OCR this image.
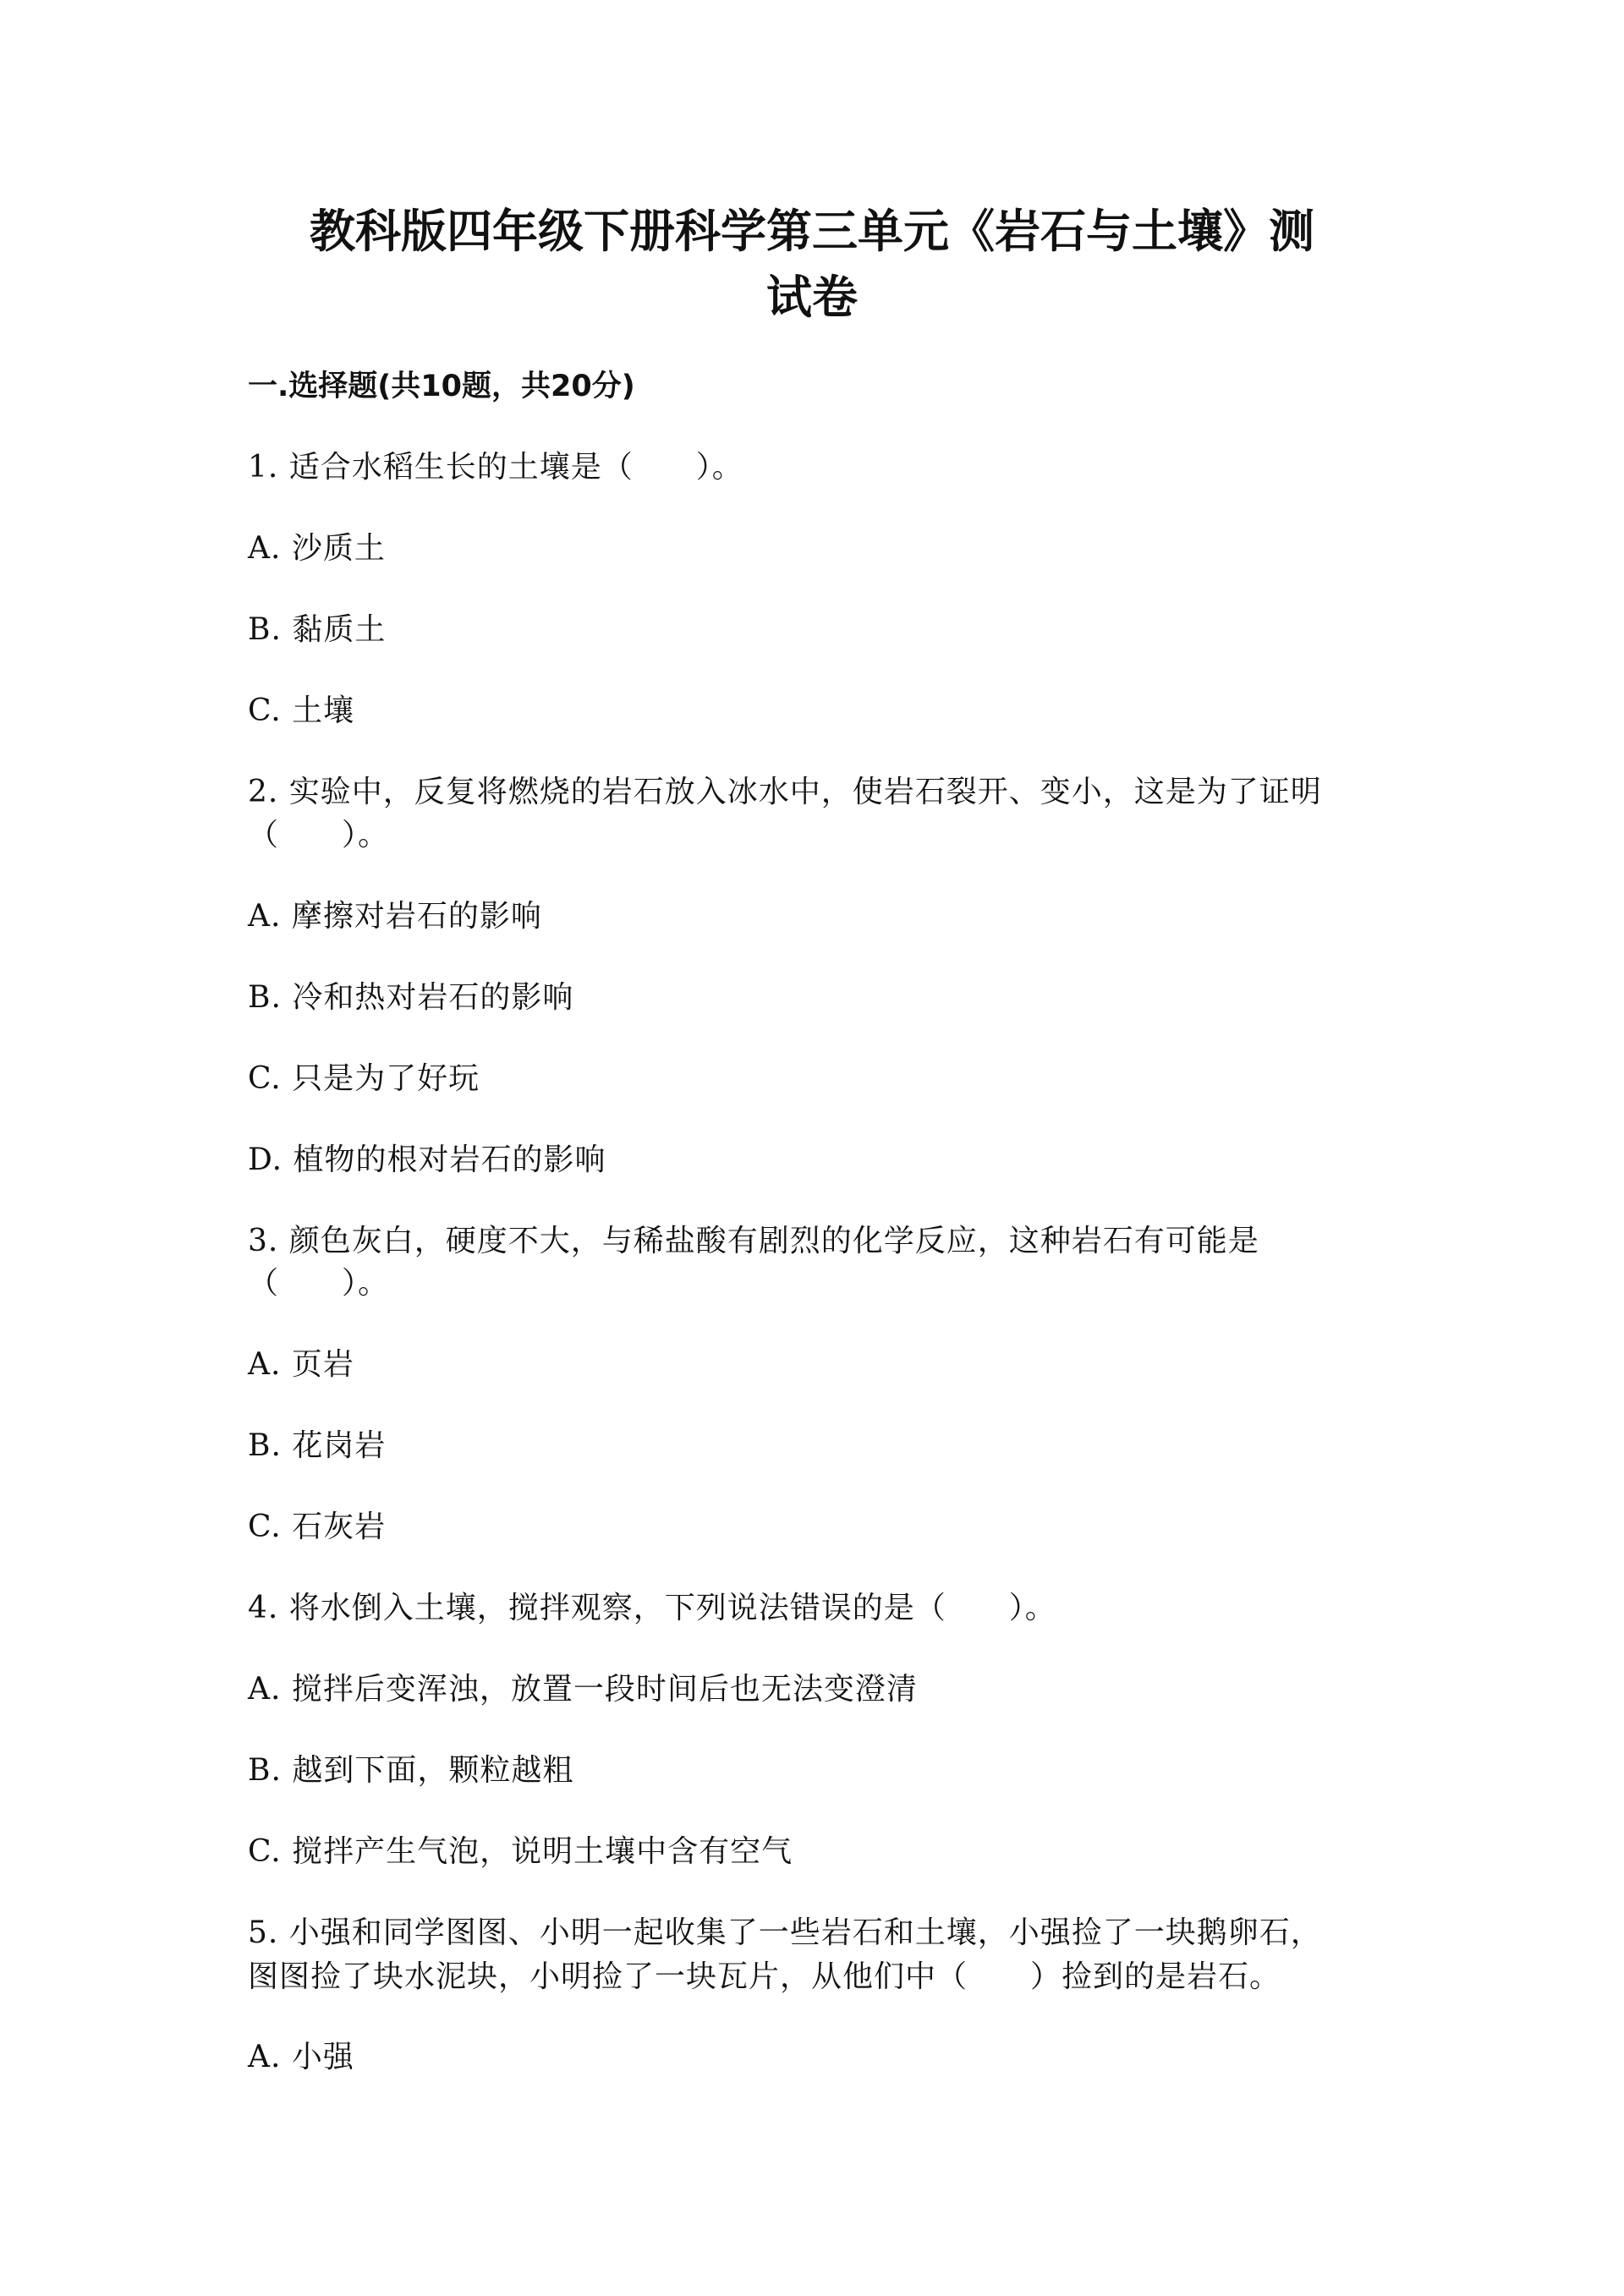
教科版四年级下册科学第三单元《岩石与土壤》测
试卷
一.选择题(共10题，共20分)
1. 适合水稻生长的土壤是（　　）。
A. 沙质土
B. 黏质土
C. 土壤
2. 实验中，反复将燃烧的岩石放入冰水中，使岩石裂开、变小，这是为了证明
（　　）。
A. 摩擦对岩石的影响
B. 冷和热对岩石的影响
C. 只是为了好玩
D. 植物的根对岩石的影响
3. 颜色灰白，硬度不大，与稀盐酸有剧烈的化学反应，这种岩石有可能是
（　　）。
A. 页岩
B. 花岗岩
C. 石灰岩
4. 将水倒入土壤，搅拌观察，下列说法错误的是（　　）。
A. 搅拌后变浑浊，放置一段时间后也无法变澄清
B. 越到下面，颗粒越粗
C. 搅拌产生气泡，说明土壤中含有空气
5. 小强和同学图图、小明一起收集了一些岩石和土壤，小强捡了一块鹅卵石，
图图捡了块水泥块，小明捡了一块瓦片，从他们中（　　）捡到的是岩石。
A. 小强
